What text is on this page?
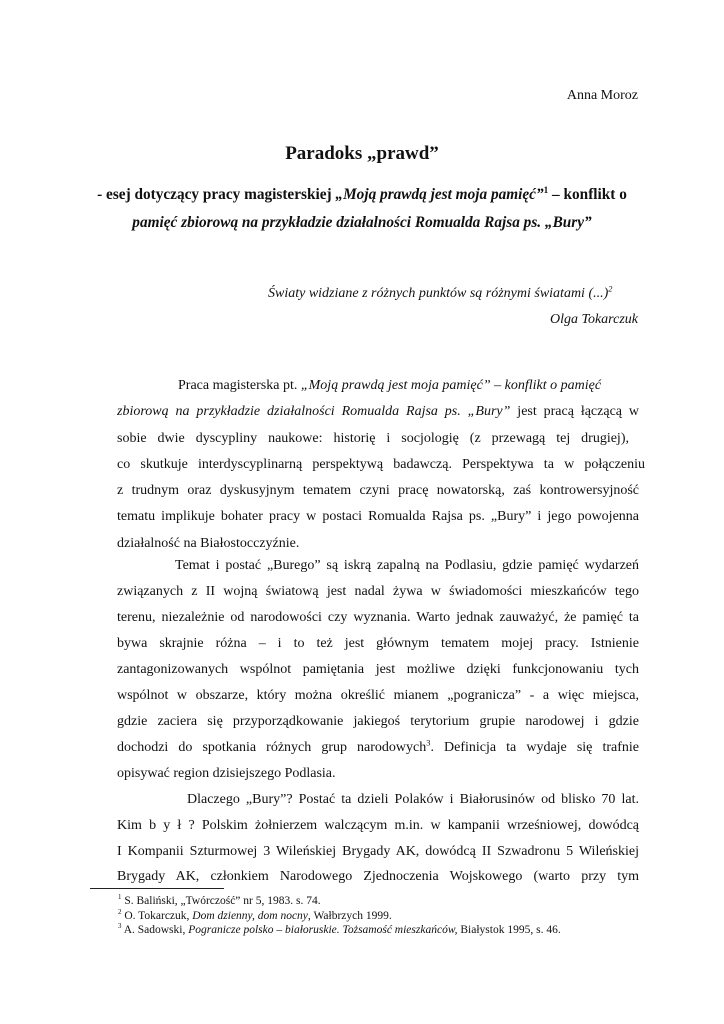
Anna Moroz
Paradoks „prawd”
- esej dotyczący pracy magisterskiej „Moją prawdą jest moja pamięć”$^1$ – konflikt o
pamięć zbiorową na przykładzie działalności Romualda Rajsa ps. „Bury”
Światy widziane z różnych punktów są różnymi światami (...)$^2$
Olga Tokarczuk
Praca magisterska pt. „Moją prawdą jest moja pamięć” – konflikt o pamięć
zbiorową na przykładzie działalności Romualda Rajsa ps. „Bury” jest pracą łączącą w
sobie dwie dyscypliny naukowe: historię i socjologię (z przewagą tej drugiej),
co skutkuje interdyscyplinarną perspektywą badawczą. Perspektywa ta w połączeniu
z trudnym oraz dyskusyjnym tematem czyni pracę nowatorską, zaś kontrowersyjność
tematu implikuje bohater pracy w postaci Romualda Rajsa ps. „Bury” i jego powojenna
działalność na Białostocczyźnie.
Temat i postać „Burego” są iskrą zapalną na Podlasiu, gdzie pamięć wydarzeń
związanych z II wojną światową jest nadal żywa w świadomości mieszkańców tego
terenu, niezależnie od narodowości czy wyznania. Warto jednak zauważyć, że pamięć ta
bywa skrajnie różna – i to też jest głównym tematem mojej pracy. Istnienie
zantagonizowanych wspólnot pamiętania jest możliwe dzięki funkcjonowaniu tych
wspólnot w obszarze, który można określić mianem „pogranicza” - a więc miejsca,
gdzie zaciera się przyporządkowanie jakiegoś terytorium grupie narodowej i gdzie
dochodzi do spotkania różnych grup narodowych$^3$. Definicja ta wydaje się trafnie
opisywać region dzisiejszego Podlasia.
Dlaczego „Bury”? Postać ta dzieli Polaków i Białorusinów od blisko 70 lat.
Kim b y ł ? Polskim żołnierzem walczącym m.in. w kampanii wrześniowej, dowódcą
I Kompanii Szturmowej 3 Wileńskiej Brygady AK, dowódcą II Szwadronu 5 Wileńskiej
Brygady AK, członkiem Narodowego Zjednoczenia Wojskowego (warto przy tym
$^1$ S. Baliński, „Twórczość” nr 5, 1983. s. 74.
$^2$ O. Tokarczuk, Dom dzienny, dom nocny, Wałbrzych 1999.
$^3$ A. Sadowski, Pogranicze polsko – białoruskie. Tożsamość mieszkańców, Białystok 1995, s. 46.
